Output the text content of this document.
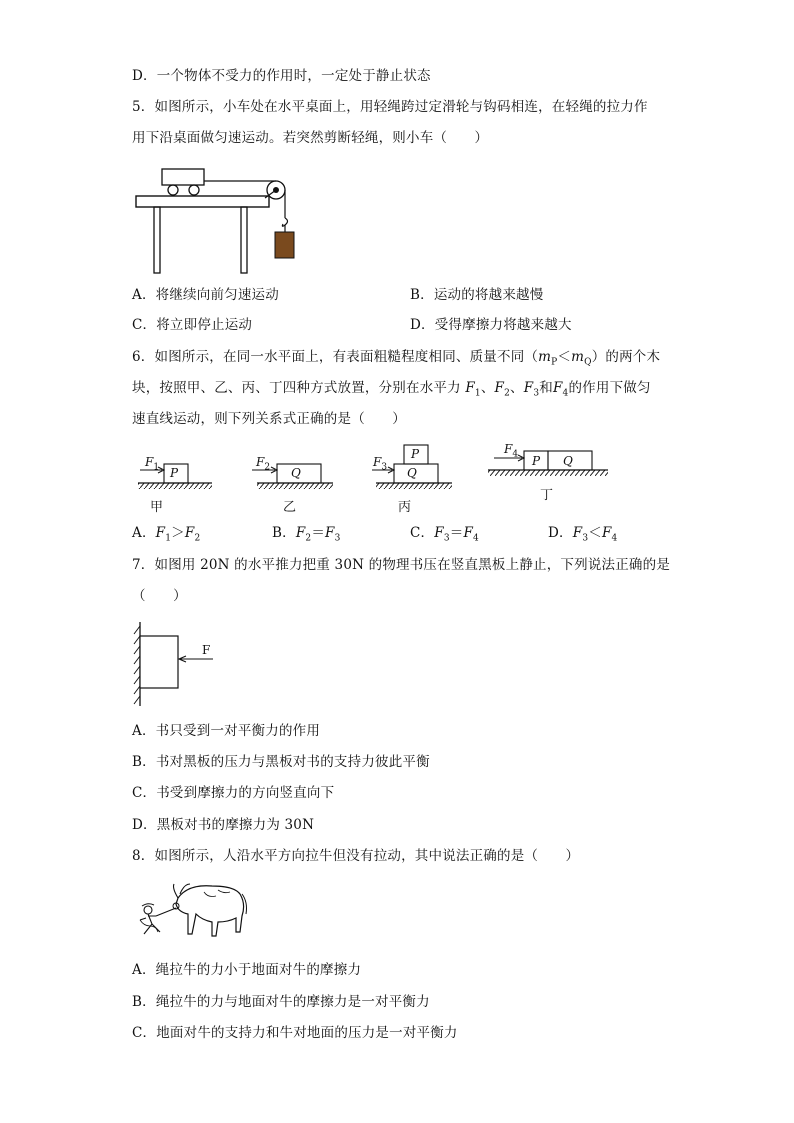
D．一个物体不受力的作用时，一定处于静止状态
5．如图所示，小车处在水平桌面上，用轻绳跨过定滑轮与钩码相连，在轻绳的拉力作
用下沿桌面做匀速运动。若突然剪断轻绳，则小车（　　）
A．将继续向前匀速运动	B．运动的将越来越慢
C．将立即停止运动	D．受得摩擦力将越来越大
6．如图所示，在同一水平面上，有表面粗糙程度相同、质量不同$(m_P<m_Q)$的两个木
块，按照甲、乙、丙、丁四种方式放置，分别在水平力 $F_1$、$F_2$、$F_3$和$F_4$的作用下做匀
速直线运动，则下列关系式正确的是（　　）
$F_1$ P
甲
$F_2$ Q
乙
$F_3$
P
Q
丙
$F_4$ P Q
丁
A．$F_1>F_2$	B．$F_2=F_3$	C．$F_3=F_4$	D．$F_3<F_4$
7．如图用 20N 的水平推力把重 30N 的物理书压在竖直黑板上静止，下列说法正确的是
（　　）
F
A．书只受到一对平衡力的作用
B．书对黑板的压力与黑板对书的支持力彼此平衡
C．书受到摩擦力的方向竖直向下
D．黑板对书的摩擦力为 30N
8．如图所示，人沿水平方向拉牛但没有拉动，其中说法正确的是（　　）
A．绳拉牛的力小于地面对牛的摩擦力
B．绳拉牛的力与地面对牛的摩擦力是一对平衡力
C．地面对牛的支持力和牛对地面的压力是一对平衡力
